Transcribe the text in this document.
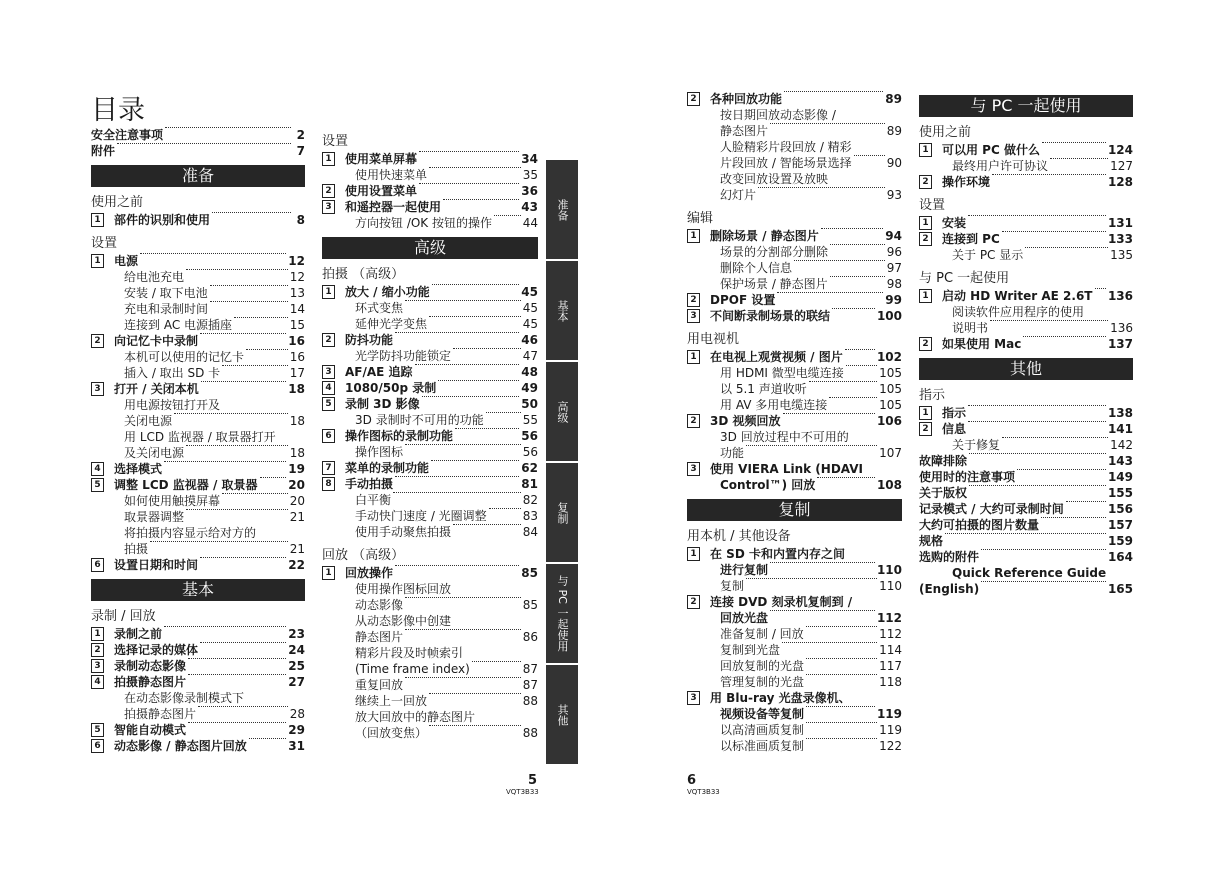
目录
安全注意事项	2
附件	7
准备
使用之前
1 部件的识别和使用	8
设置
1 电源	12
给电池充电	12
安装 / 取下电池	13
充电和录制时间	14
连接到 AC 电源插座	15
2 向记忆卡中录制	16
本机可以使用的记忆卡	16
插入 / 取出 SD 卡	17
3 打开 / 关闭本机	18
用电源按钮打开及
关闭电源	18
用 LCD 监视器 / 取景器打开
及关闭电源	18
4 选择模式	19
5 调整 LCD 监视器 / 取景器	20
如何使用触摸屏幕	20
取景器调整	21
将拍摄内容显示给对方的
拍摄	21
6 设置日期和时间	22
基本
录制 / 回放
1 录制之前	23
2 选择记录的媒体	24
3 录制动态影像	25
4 拍摄静态图片	27
在动态影像录制模式下
拍摄静态图片	28
5 智能自动模式	29
6 动态影像 / 静态图片回放	31
设置
1 使用菜单屏幕	34
使用快速菜单	35
2 使用设置菜单	36
3 和遥控器一起使用	43
方向按钮 /OK 按钮的操作	44
高级
拍摄 （高级）
1 放大 / 缩小功能	45
环式变焦	45
延伸光学变焦	45
2 防抖功能	46
光学防抖功能锁定	47
3 AF/AE 追踪	48
4 1080/50p 录制	49
5 录制 3D 影像	50
3D 录制时不可用的功能	55
6 操作图标的录制功能	56
操作图标	56
7 菜单的录制功能	62
8 手动拍摄	81
白平衡	82
手动快门速度 / 光圈调整	83
使用手动聚焦拍摄	84
回放 （高级）
1 回放操作	85
使用操作图标回放
动态影像	85
从动态影像中创建
静态图片	86
精彩片段及时帧索引
(Time frame index)	87
重复回放	87
继续上一回放	88
放大回放中的静态图片
（回放变焦）	88
2 各种回放功能	89
按日期回放动态影像 /
静态图片	89
人脸精彩片段回放 / 精彩
片段回放 / 智能场景选择	90
改变回放设置及放映
幻灯片	93
编辑
1 删除场景 / 静态图片	94
场景的分割部分删除	96
删除个人信息	97
保护场景 / 静态图片	98
2 DPOF 设置	99
3 不间断录制场景的联结	100
用电视机
1 在电视上观赏视频 / 图片	102
用 HDMI 微型电缆连接	105
以 5.1 声道收听	105
用 AV 多用电缆连接	105
2 3D 视频回放	106
3D 回放过程中不可用的
功能	107
3 使用 VIERA Link (HDAVI
Control™) 回放	108
复制
用本机 / 其他设备
1 在 SD 卡和内置内存之间
进行复制	110
复制	110
2 连接 DVD 刻录机复制到 /
回放光盘	112
准备复制 / 回放	112
复制到光盘	114
回放复制的光盘	117
管理复制的光盘	118
3 用 Blu-ray 光盘录像机、
视频设备等复制	119
以高清画质复制	119
以标准画质复制	122
与 PC 一起使用
使用之前
1 可以用 PC 做什么	124
最终用户许可协议	127
2 操作环境	128
设置
1 安装	131
2 连接到 PC	133
关于 PC 显示	135
与 PC 一起使用
1 启动 HD Writer AE 2.6T 136
阅读软件应用程序的使用
说明书	136
2 如果使用 Mac	137
其他
指示
1 指示	138
2 信息	141
关于修复	142
故障排除	143
使用时的注意事项	149
关于版权	155
记录模式 / 大约可录制时间	156
大约可拍摄的图片数量	157
规格	159
选购的附件	164
Quick Reference Guide
(English)	165
准备
基本
高级
复制
与 PC 一起使用
其他
5
VQT3B33
6
VQT3B33
